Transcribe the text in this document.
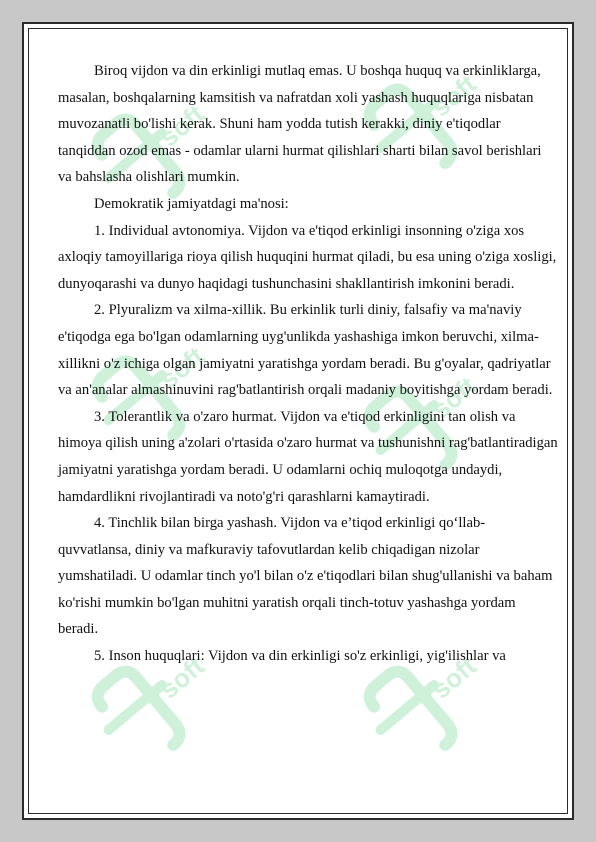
soft
soft
soft
soft
soft	soft

Biroq vijdon va din erkinligi mutlaq emas. U boshqa huquq va erkinliklarga, masalan, boshqalarning kamsitish va nafratdan xoli yashash huquqlariga nisbatan muvozanatli bo'lishi kerak. Shuni ham yodda tutish kerakki, diniy e'tiqodlar tanqiddan ozod emas - odamlar ularni hurmat qilishlari sharti bilan savol berishlari va bahslasha olishlari mumkin.

Demokratik jamiyatdagi ma'nosi:

1. Individual avtonomiya. Vijdon va e'tiqod erkinligi insonning o'ziga xos axloqiy tamoyillariga rioya qilish huquqini hurmat qiladi, bu esa uning o'ziga xosligi, dunyoqarashi va dunyo haqidagi tushunchasini shakllantirish imkonini beradi.

2. Plyuralizm va xilma-xillik. Bu erkinlik turli diniy, falsafiy va ma'naviy e'tiqodga ega bo'lgan odamlarning uyg'unlikda yashashiga imkon beruvchi, xilma-xillikni o'z ichiga olgan jamiyatni yaratishga yordam beradi. Bu g'oyalar, qadriyatlar va an'analar almashinuvini rag'batlantirish orqali madaniy boyitishga yordam beradi.

3. Tolerantlik va o'zaro hurmat. Vijdon va e'tiqod erkinligini tan olish va himoya qilish uning a'zolari o'rtasida o'zaro hurmat va tushunishni rag'batlantiradigan jamiyatni yaratishga yordam beradi. U odamlarni ochiq muloqotga undaydi, hamdardlikni rivojlantiradi va noto'g'ri qarashlarni kamaytiradi.

4. Tinchlik bilan birga yashash. Vijdon va e’tiqod erkinligi qo‘llab-quvvatlansa, diniy va mafkuraviy tafovutlardan kelib chiqadigan nizolar yumshatiladi. U odamlar tinch yo'l bilan o'z e'tiqodlari bilan shug'ullanishi va baham ko'rishi mumkin bo'lgan muhitni yaratish orqali tinch-totuv yashashga yordam beradi.

5. Inson huquqlari: Vijdon va din erkinligi so'z erkinligi, yig'ilishlar va
